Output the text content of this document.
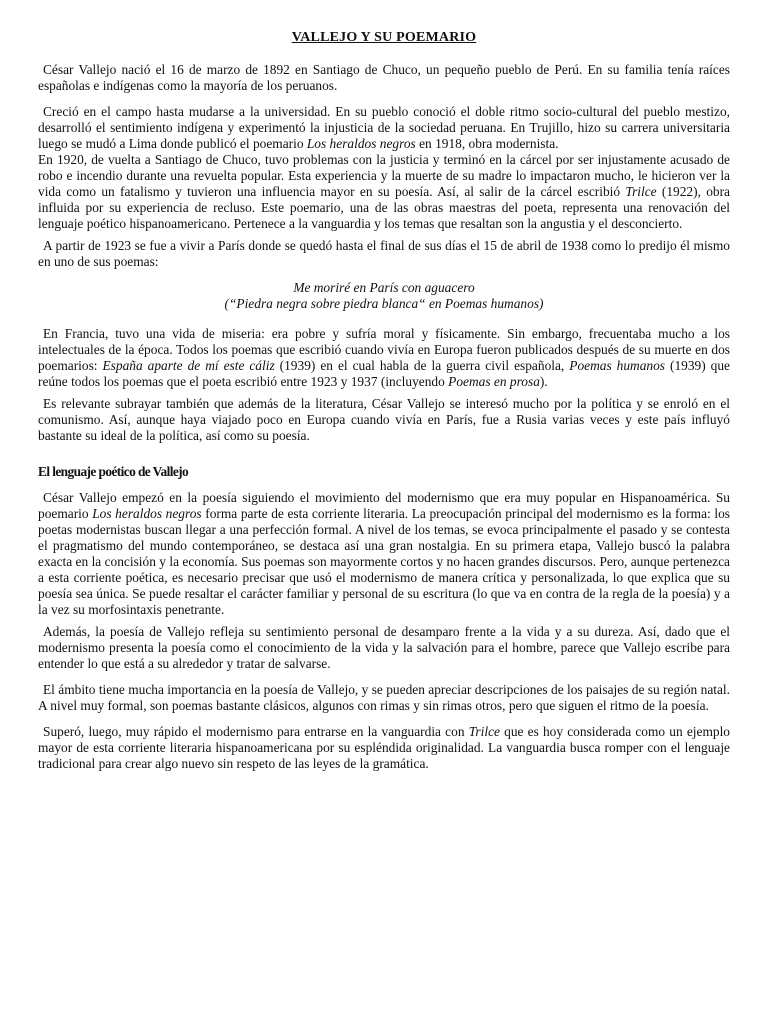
VALLEJO Y SU POEMARIO

César Vallejo nació el 16 de marzo de 1892 en Santiago de Chuco, un pequeño pueblo de Perú. En su familia tenía raíces españolas e indígenas como la mayoría de los peruanos.

Creció en el campo hasta mudarse a la universidad. En su pueblo conoció el doble ritmo socio-cultural del pueblo mestizo, desarrolló el sentimiento indígena y experimentó la injusticia de la sociedad peruana. En Trujillo, hizo su carrera universitaria luego se mudó a Lima donde publicó el poemario Los heraldos negros en 1918, obra modernista.

En 1920, de vuelta a Santiago de Chuco, tuvo problemas con la justicia y terminó en la cárcel por ser injustamente acusado de robo e incendio durante una revuelta popular. Esta experiencia y la muerte de su madre lo impactaron mucho, le hicieron ver la vida como un fatalismo y tuvieron una influencia mayor en su poesía. Así, al salir de la cárcel escribió Trilce (1922), obra influida por su experiencia de recluso. Este poemario, una de las obras maestras del poeta, representa una renovación del lenguaje poético hispanoamericano. Pertenece a la vanguardia y los temas que resaltan son la angustia y el desconcierto.

A partir de 1923 se fue a vivir a París donde se quedó hasta el final de sus días el 15 de abril de 1938 como lo predijo él mismo en uno de sus poemas:

Me moriré en París con aguacero
(“Piedra negra sobre piedra blanca“ en Poemas humanos)

En Francia, tuvo una vida de miseria: era pobre y sufría moral y físicamente. Sin embargo, frecuentaba mucho a los intelectuales de la época. Todos los poemas que escribió cuando vivía en Europa fueron publicados después de su muerte en dos poemarios: España aparte de mí este cáliz (1939) en el cual habla de la guerra civil española, Poemas humanos (1939) que reúne todos los poemas que el poeta escribió entre 1923 y 1937 (incluyendo Poemas en prosa).

Es relevante subrayar también que además de la literatura, César Vallejo se interesó mucho por la política y se enroló en el comunismo. Así, aunque haya viajado poco en Europa cuando vivía en París, fue a Rusia varias veces y este país influyó bastante su ideal de la política, así como su poesía.

El lenguaje poético de Vallejo

César Vallejo empezó en la poesía siguiendo el movimiento del modernismo que era muy popular en Hispanoamérica. Su poemario Los heraldos negros forma parte de esta corriente literaria. La preocupación principal del modernismo es la forma: los poetas modernistas buscan llegar a una perfección formal. A nivel de los temas, se evoca principalmente el pasado y se contesta el pragmatismo del mundo contemporáneo, se destaca así una gran nostalgia. En su primera etapa, Vallejo buscó la palabra exacta en la concisión y la economía. Sus poemas son mayormente cortos y no hacen grandes discursos. Pero, aunque pertenezca a esta corriente poética, es necesario precisar que usó el modernismo de manera crítica y personalizada, lo que explica que su poesía sea única. Se puede resaltar el carácter familiar y personal de su escritura (lo que va en contra de la regla de la poesía) y a la vez su morfosintaxis penetrante.

Además, la poesía de Vallejo refleja su sentimiento personal de desamparo frente a la vida y a su dureza. Así, dado que el modernismo presenta la poesía como el conocimiento de la vida y la salvación para el hombre, parece que Vallejo escribe para entender lo que está a su alrededor y tratar de salvarse.

El ámbito tiene mucha importancia en la poesía de Vallejo, y se pueden apreciar descripciones de los paisajes de su región natal. A nivel muy formal, son poemas bastante clásicos, algunos con rimas y sin rimas otros, pero que siguen el ritmo de la poesía.

Superó, luego, muy rápido el modernismo para entrarse en la vanguardia con Trilce que es hoy considerada como un ejemplo mayor de esta corriente literaria hispanoamericana por su espléndida originalidad. La vanguardia busca romper con el lenguaje tradicional para crear algo nuevo sin respeto de las leyes de la gramática.
